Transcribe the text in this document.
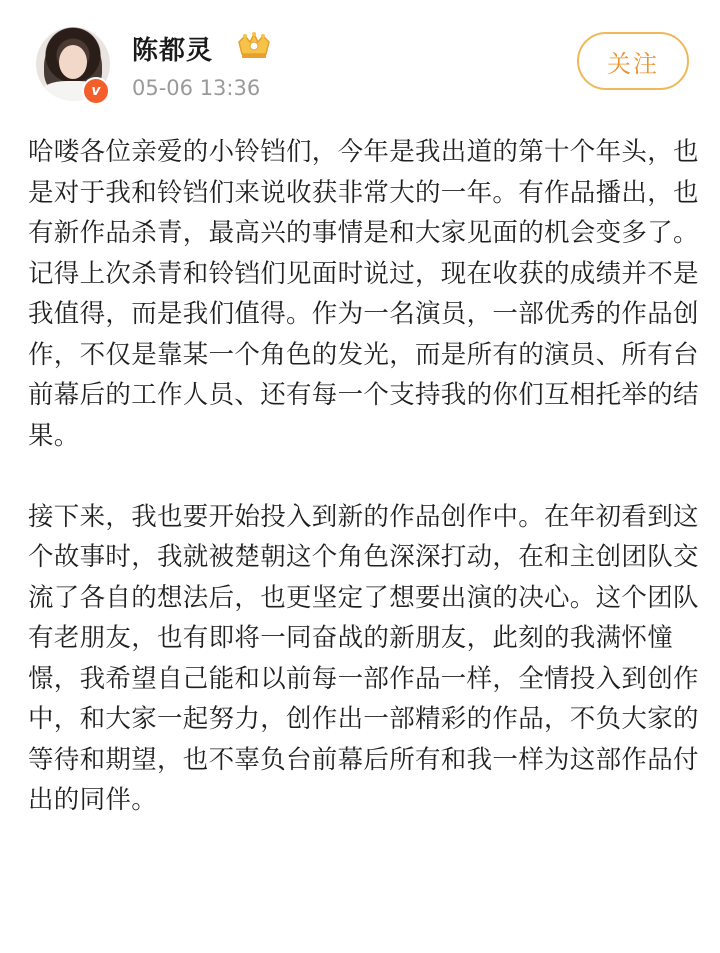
v
陈都灵
05-06 13:36
关注

哈喽各位亲爱的小铃铛们，今年是我出道的第十个年头，也是对于我和铃铛们来说收获非常大的一年。有作品播出，也有新作品杀青，最高兴的事情是和大家见面的机会变多了。

记得上次杀青和铃铛们见面时说过，现在收获的成绩并不是我值得，而是我们值得。作为一名演员，一部优秀的作品创作，不仅是靠某一个角色的发光，而是所有的演员、所有台前幕后的工作人员、还有每一个支持我的你们互相托举的结果。

接下来，我也要开始投入到新的作品创作中。在年初看到这个故事时，我就被楚朝这个角色深深打动，在和主创团队交流了各自的想法后，也更坚定了想要出演的决心。这个团队有老朋友，也有即将一同奋战的新朋友，此刻的我满怀憧憬，我希望自己能和以前每一部作品一样，全情投入到创作中，和大家一起努力，创作出一部精彩的作品，不负大家的等待和期望，也不辜负台前幕后所有和我一样为这部作品付出的同伴。
